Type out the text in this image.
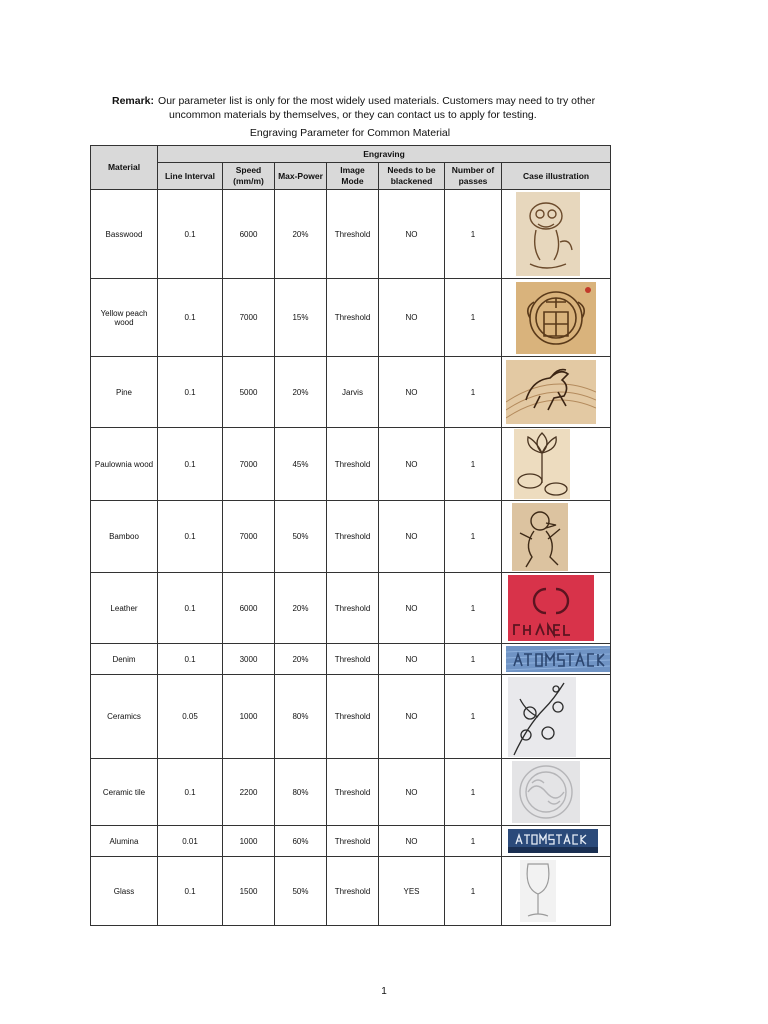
Remark: Our parameter list is only for the most widely used materials. Customers may need to try other
uncommon materials by themselves, or they can contact us to apply for testing.
Engraving Parameter for Common Material
Material	Engraving						
	Line Interval	Speed (mm/m)	Max-Power	Image Mode	Needs to be blackened	Number of passes	Case illustration
Basswood	0.1	6000	20%	Threshold	NO	1	

Yellow peach wood	0.1	7000	15%	Threshold	NO	1	

Pine	0.1	5000	20%	Jarvis	NO	1	

Paulownia wood	0.1	7000	45%	Threshold	NO	1	

Bamboo	0.1	7000	50%	Threshold	NO	1	

Leather	0.1	6000	20%	Threshold	NO	1	

Denim	0.1	3000	20%	Threshold	NO	1	

Ceramics	0.05	1000	80%	Threshold	NO	1	

Ceramic tile	0.1	2200	80%	Threshold	NO	1	

Alumina	0.01	1000	60%	Threshold	NO	1	

Glass	0.1	1500	50%	Threshold	YES	1	
1
